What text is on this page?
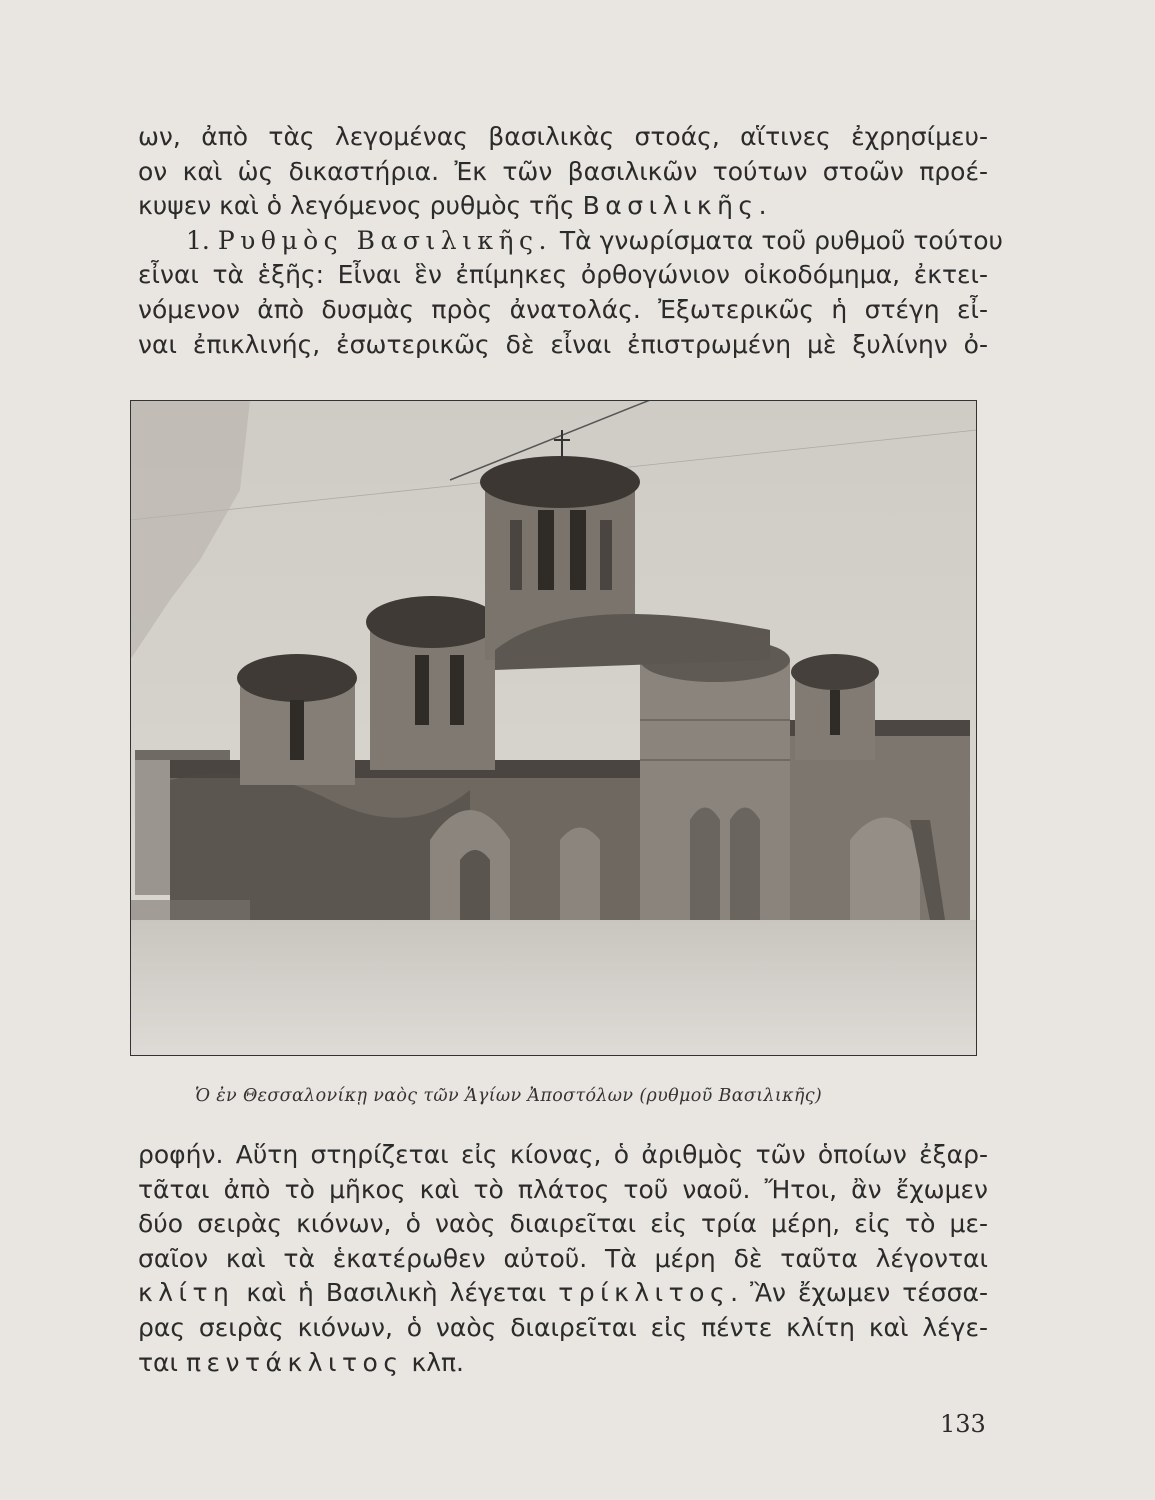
ων, ἀπὸ τὰς λεγομένας βασιλικὰς στοάς, αἵτινες ἐχρησίμευ-
ον καὶ ὡς δικαστήρια. Ἐκ τῶν βασιλικῶν τούτων στοῶν προέ-
κυψεν καὶ ὁ λεγόμενος ρυθμὸς τῆς Βασιλικῆς.
1. Ρυθμὸς Βασιλικῆς. Τὰ γνωρίσματα τοῦ ρυθμοῦ τούτου
εἶναι τὰ ἑξῆς: Εἶναι ἓν ἐπίμηκες ὀρθογώνιον οἰκοδόμημα, ἐκτει-
νόμενον ἀπὸ δυσμὰς πρὸς ἀνατολάς. Ἐξωτερικῶς ἡ στέγη εἶ-
ναι ἐπικλινής, ἐσωτερικῶς δὲ εἶναι ἐπιστρωμένη μὲ ξυλίνην ὀ-
Ὁ ἐν Θεσσαλονίκῃ ναὸς τῶν Ἁγίων Ἀποστόλων (ρυθμοῦ Βασιλικῆς)
ροφήν. Αὕτη στηρίζεται εἰς κίονας, ὁ ἀριθμὸς τῶν ὁποίων ἐξαρ-
τᾶται ἀπὸ τὸ μῆκος καὶ τὸ πλάτος τοῦ ναοῦ. Ἤτοι, ἂν ἔχωμεν
δύο σειρὰς κιόνων, ὁ ναὸς διαιρεῖται εἰς τρία μέρη, εἰς τὸ με-
σαῖον καὶ τὰ ἑκατέρωθεν αὐτοῦ. Τὰ μέρη δὲ ταῦτα λέγονται
κλίτη καὶ ἡ Βασιλικὴ λέγεται τρίκλιτος. Ἂν ἔχωμεν τέσσα-
ρας σειρὰς κιόνων, ὁ ναὸς διαιρεῖται εἰς πέντε κλίτη καὶ λέγε-
ται πεντάκλιτος κλπ.
133
